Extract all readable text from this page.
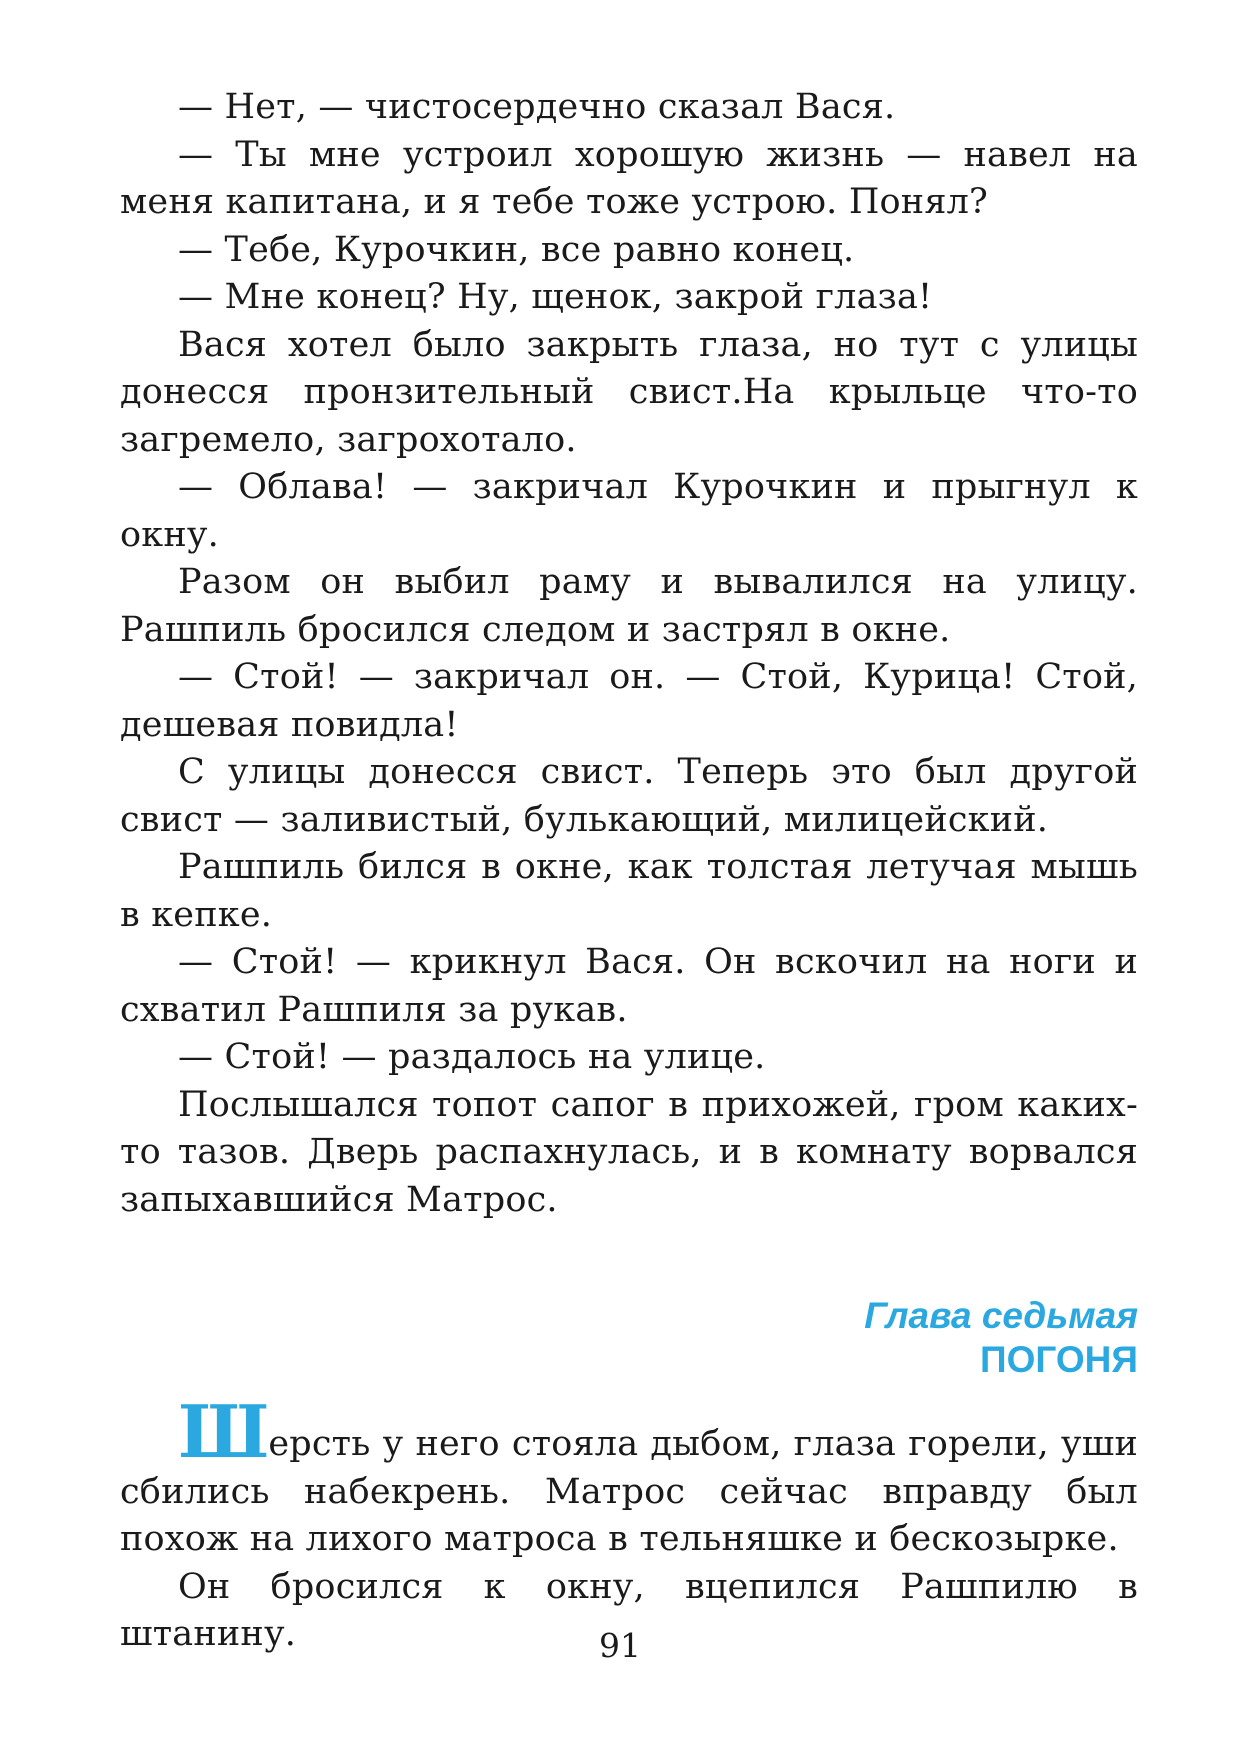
— Нет, — чистосердечно сказал Вася.

— Ты мне устроил хорошую жизнь — навел на меня капитана, и я тебе тоже устрою. Понял?

— Тебе, Курочкин, все равно конец.

— Мне конец? Ну, щенок, закрой глаза!

Вася хотел было закрыть глаза, но тут с улицы донесся пронзительный свист.На крыльце что-то загремело, загрохотало.

— Облава! — закричал Курочкин и прыгнул к окну.

Разом он выбил раму и вывалился на улицу. Рашпиль бросился следом и застрял в окне.

— Стой! — закричал он. — Стой, Курица! Стой, дешевая повидла!

С улицы донесся свист. Теперь это был другой свист — заливистый, булькающий, милицейский.

Рашпиль бился в окне, как толстая летучая мышь в кепке.

— Стой! — крикнул Вася. Он вскочил на ноги и схватил Рашпиля за рукав.

— Стой! — раздалось на улице.

Послышался топот сапог в прихожей, гром каких-то тазов. Дверь распахнулась, и в комнату ворвался запыхавшийся Матрос.

Глава седьмая
ПОГОНЯ

Шерсть у него стояла дыбом, глаза горели, уши сбились набекрень. Матрос сейчас вправду был похож на лихого матроса в тельняшке и бескозырке.

Он бросился к окну, вцепился Рашпилю в штанину.	91
